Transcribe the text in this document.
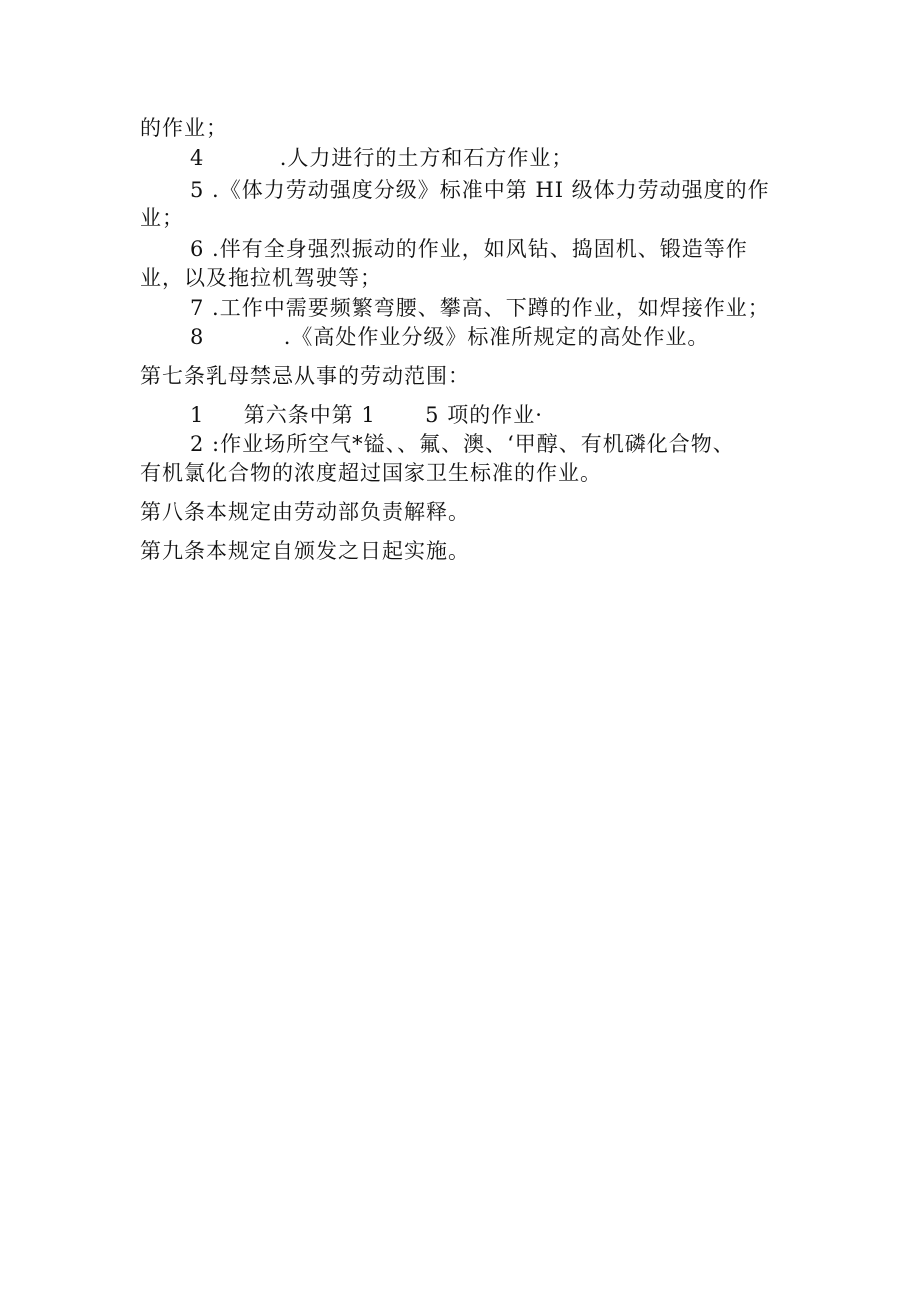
的作业；
4	.人力进行的土方和石方作业；
5 .《体力劳动强度分级》标准中第 HI 级体力劳动强度的作
业；
6 .伴有全身强烈振动的作业，如风钻、捣固机、锻造等作
业，以及拖拉机驾驶等；
7 .工作中需要频繁弯腰、攀高、下蹲的作业，如焊接作业；
8	.《高处作业分级》标准所规定的高处作业。
第七条乳母禁忌从事的劳动范围：
1 第六条中第 1 5 项的作业·
2 :作业场所空气*镒、、氟、澳、‘甲醇、有机磷化合物、
有机氯化合物的浓度超过国家卫生标准的作业。
第八条本规定由劳动部负责解释。
第九条本规定自颁发之日起实施。
